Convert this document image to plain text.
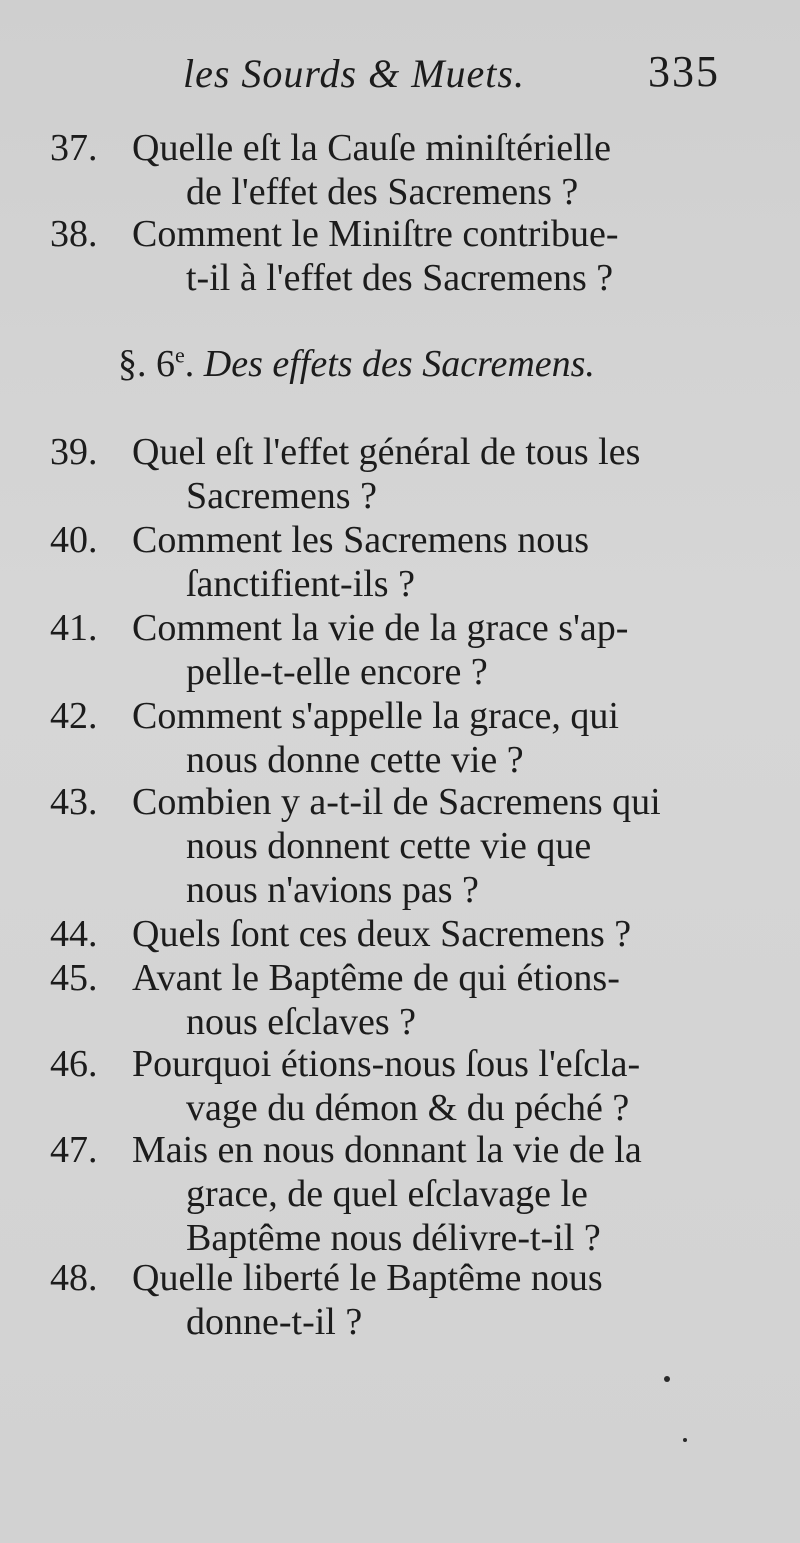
les Sourds & Muets.	335
37. Quelle eſt la Cauſe miniſtérielle
de l'effet des Sacremens ?
38. Comment le Miniſtre contribue-
t-il à l'effet des Sacremens ?
§. 6e. Des effets des Sacremens.
39. Quel eſt l'effet général de tous les
Sacremens ?
40. Comment les Sacremens nous
ſanctifient-ils ?
41. Comment la vie de la grace s'ap-
pelle-t-elle encore ?
42. Comment s'appelle la grace, qui
nous donne cette vie ?
43. Combien y a-t-il de Sacremens qui
nous donnent cette vie que
nous n'avions pas ?
44. Quels ſont ces deux Sacremens ?
45. Avant le Baptême de qui étions-
nous eſclaves ?
46. Pourquoi étions-nous ſous l'eſcla-
vage du démon & du péché ?
47. Mais en nous donnant la vie de la
grace, de quel eſclavage le
Baptême nous délivre-t-il ?
48. Quelle liberté le Baptême nous
donne-t-il ?
